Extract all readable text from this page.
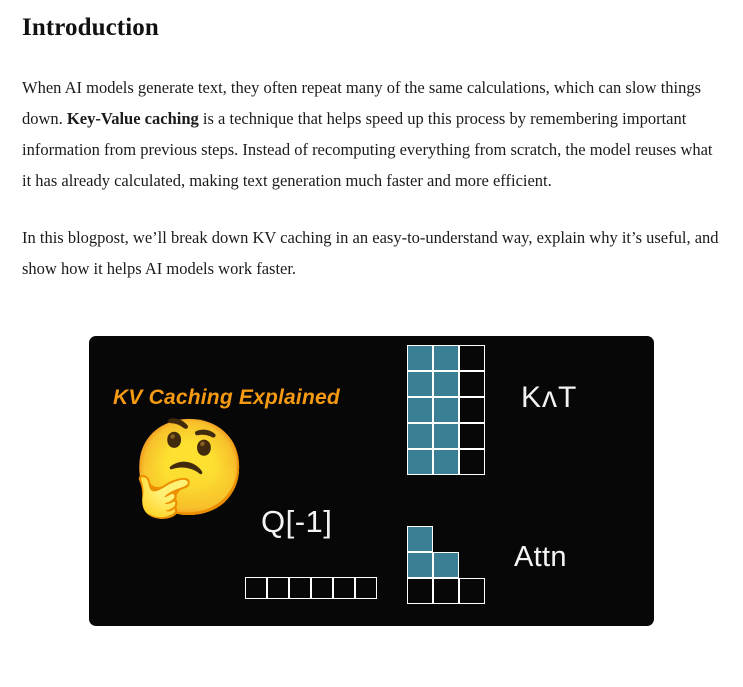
Introduction

When AI models generate text, they often repeat many of the same calculations, which can slow things down. Key-Value caching is a technique that helps speed up this process by remembering important information from previous steps. Instead of recomputing everything from scratch, the model reuses what it has already calculated, making text generation much faster and more efficient.

In this blogpost, we’ll break down KV caching in an easy-to-understand way, explain why it’s useful, and show how it helps AI models work faster.

KV Caching Explained
🤔
KʌT
Q[-1]
Attn
